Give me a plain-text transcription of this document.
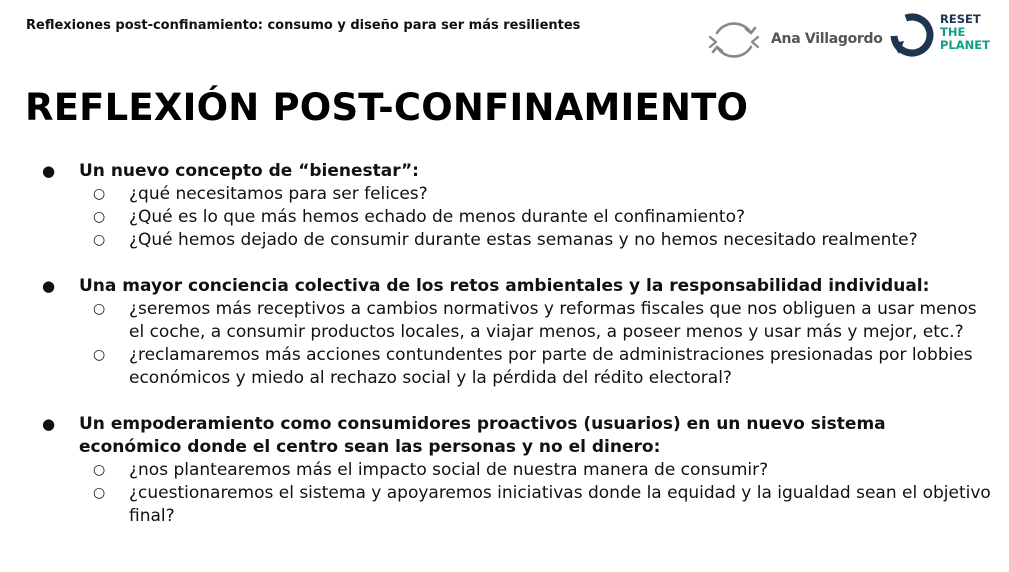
Reflexiones post-confinamiento: consumo y diseño para ser más resilientes
Ana Villagordo
RESET
THE
PLANET
REFLEXIÓN POST-CONFINAMIENTO
● Un nuevo concepto de “bienestar”:
○ ¿qué necesitamos para ser felices?
○ ¿Qué es lo que más hemos echado de menos durante el confinamiento?
○ ¿Qué hemos dejado de consumir durante estas semanas y no hemos necesitado realmente?
● Una mayor conciencia colectiva de los retos ambientales y la responsabilidad individual:
○ ¿seremos más receptivos a cambios normativos y reformas fiscales que nos obliguen a usar menos el coche, a consumir productos locales, a viajar menos, a poseer menos y usar más y mejor, etc.?
○ ¿reclamaremos más acciones contundentes por parte de administraciones presionadas por lobbies económicos y miedo al rechazo social y la pérdida del rédito electoral?
● Un empoderamiento como consumidores proactivos (usuarios) en un nuevo sistema económico donde el centro sean las personas y no el dinero:
○ ¿nos plantearemos más el impacto social de nuestra manera de consumir?
○ ¿cuestionaremos el sistema y apoyaremos iniciativas donde la equidad y la igualdad sean el objetivo final?
